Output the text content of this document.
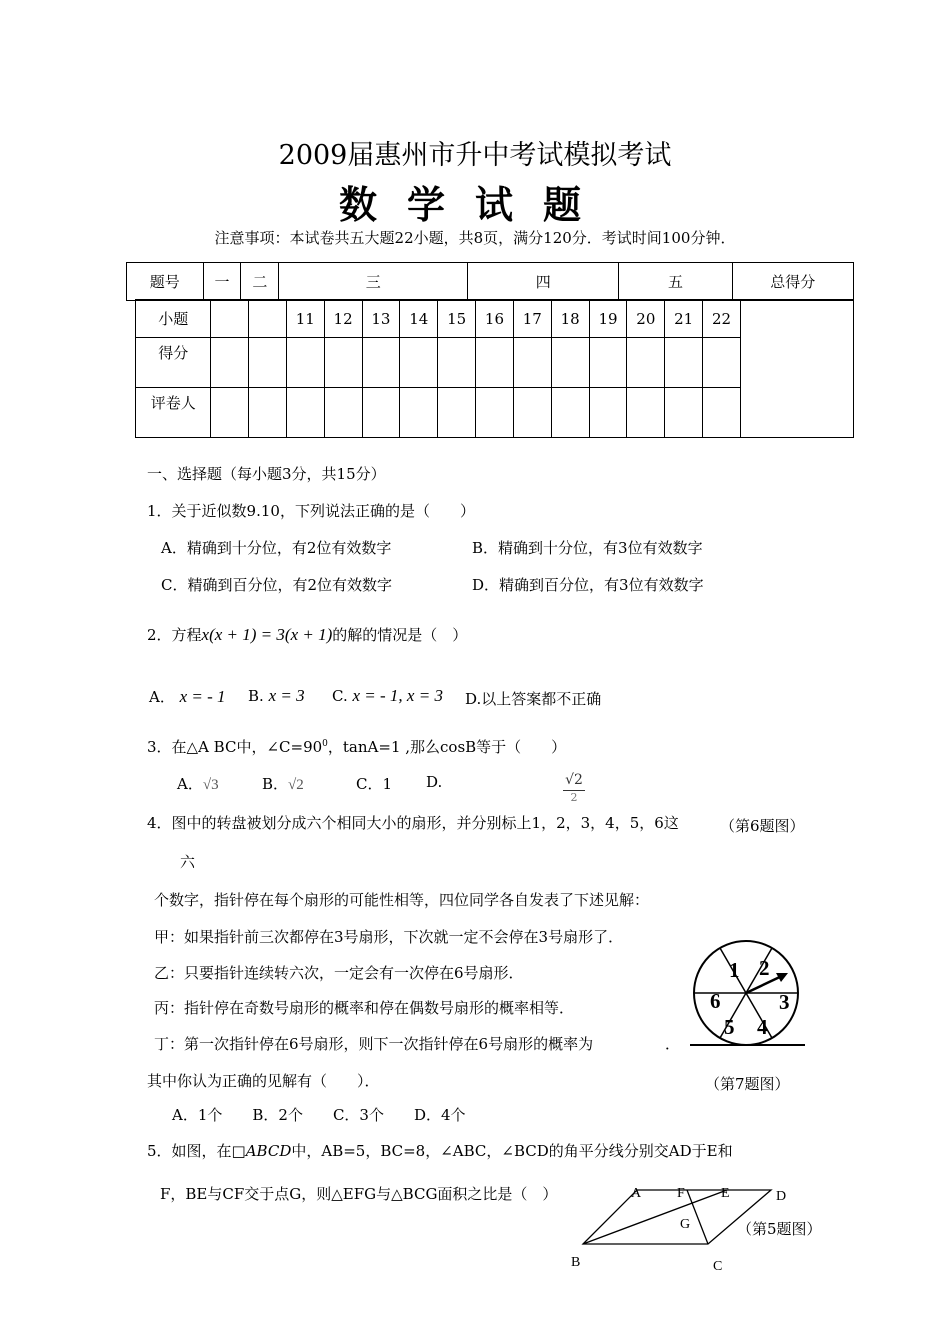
2009届惠州市升中考试模拟考试
数学试题
注意事项：本试卷共五大题22小题，共8页，满分120分．考试时间100分钟．
题号	一	二	三	四	五	总得分
小题			11	12	13	14	15	16	17	18	19	20	21	22	
得分															
评卷人															
一、选择题（每小题3分，共15分）
1．关于近似数9.10，下列说法正确的是（　　）
A．精确到十分位，有2位有效数字	B．精确到十分位，有3位有效数字
C．精确到百分位，有2位有效数字	D．精确到百分位，有3位有效数字
2．方程x(x + 1) = 3(x + 1)的解的情况是（　）
A． x = - 1 B. x = 3 C. x = - 1, x = 3 D.以上答案都不正确
3．在△A BC中，$\angle C=90^0$，tanA=1 ,那么cosB等于（　　）
A．√3	B．√2	C．1 D.	√2
2
4．图中的转盘被划分成六个相同大小的扇形，并分别标上1，2，3，4，5，6这	（第6题图）
六
个数字，指针停在每个扇形的可能性相等，四位同学各自发表了下述见解：
甲：如果指针前三次都停在3号扇形，下次就一定不会停在3号扇形了．
乙：只要指针连续转六次，一定会有一次停在6号扇形．
丙：指针停在奇数号扇形的概率和停在偶数号扇形的概率相等．
丁：第一次指针停在6号扇形，则下一次指针停在6号扇形的概率为	．
其中你认为正确的见解有（　　）．	（第7题图）
A．1个　　B．2个　　C．3个　　D．4个
1 2
3
4
5
6
5．如图，在□ABCD中，AB=5，BC=8，∠ABC，∠BCD的角平分线分别交AD于E和
F，BE与CF交于点G，则△EFG与△BCG面积之比是（　）
（第5题图）
A	F	E	D
G
B	C
